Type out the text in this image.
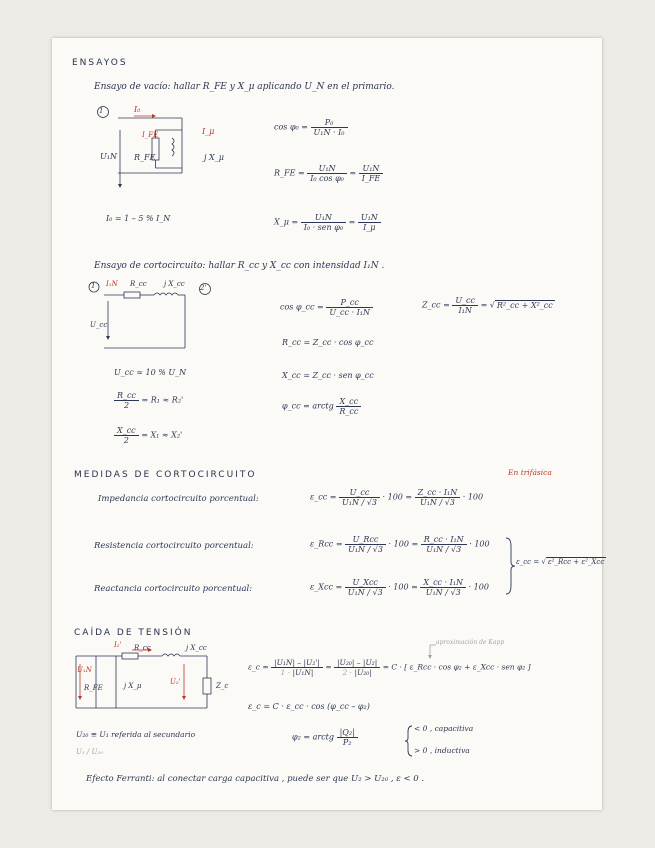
ENSAYOS
Ensayo de vacío: hallar R_FE y X_μ aplicando U_N en el primario.
1	I₀
I_FE	I_μ
U₁N R_FE	j X_μ
I₀ = 1 – 5 % I_N
$\cos \varphi_0 = \frac{\text{P₀}}{\text{U₁N · I₀}}$
R_FE = $\frac{\text{U₁N}}{\text{I₀ cos φ₀}} = \frac{\text{U₁N}}{I\_FE}$
X_μ = $\frac{\text{U₁N}}{\text{I₀ · sen φ₀}} = \frac{\text{U₁N}}{I\_\mu}$
Ensayo de cortocircuito: hallar R_cc y X_cc con intensidad I₁N .
1	2'
I₁N R_cc j X_cc
U_cc
cos φ_cc = $\frac{P\_cc}{\text{U\_cc · I₁N}}$	Z_cc = $\frac{U\_cc}{\text{I₁N}}$ = √ R²_cc + X²_cc
R_cc = Z_cc · cos φ_cc
X_cc = Z_cc · sen φ_cc
φ_cc = arctg $\frac{X\_cc}{R\_cc}$
U_cc ≈ 10 % U_N
$\frac{R\_cc}{2} = R_1 \approx R_2'$
$\frac{X\_cc}{2} = X_1 \approx X_2'$
MEDIDAS DE CORTOCIRCUITO	En trifásica
Impedancia cortocircuito porcentual:	ε_cc = $\frac{U\_cc}{\text{U₁N / √3}} \cdot 100 = \frac{\text{Z\_cc · I₁N}}{\text{U₁N / √3}} \cdot 100$
Resistencia cortocircuito porcentual:	ε_Rcc = $\frac{\text{U\_Rcc}}{\text{U₁N / √3}} \cdot 100 = \frac{\text{R\_cc · I₁N}}{\text{U₁N / √3}} \cdot 100$
Reactancia cortocircuito porcentual:	ε_Xcc = $\frac{\text{U\_Xcc}}{\text{U₁N / √3}} \cdot 100 = \frac{\text{X\_cc · I₁N}}{\text{U₁N / √3}} \cdot 100$
ε_cc = √ ε²_Rcc + ε²_Xcc
CAÍDA DE TENSIÓN
I₂' R_cc	j X_cc
U₁N
R_FE	j X_μ	U₂'	Z_c
aproximación de Kapp
ε_c = $\frac{\text{|U₁N| – |U₂'|}}{\text{1 · |U₁N|}} = \frac{\text{|U₂₀| – |U₂|}}{\text{2 · |U₂₀|}} = C$ · [ ε_Rcc · cos φ₂ + ε_Xcc · sen φ₂ ]
ε_c = C · ε_cc · cos (φ_cc – φ₂)
U₂₀ ≡ U₁ referida al secundario
U₁ / U₂₀
φ₂ = arctg $\frac{\text{|Q₂|}}{\text{P₂}}$	< 0 , capacitiva
> 0 , inductiva
Efecto Ferranti: al conectar carga capacitiva , puede ser que U₂ > U₂₀ , ε < 0 .
